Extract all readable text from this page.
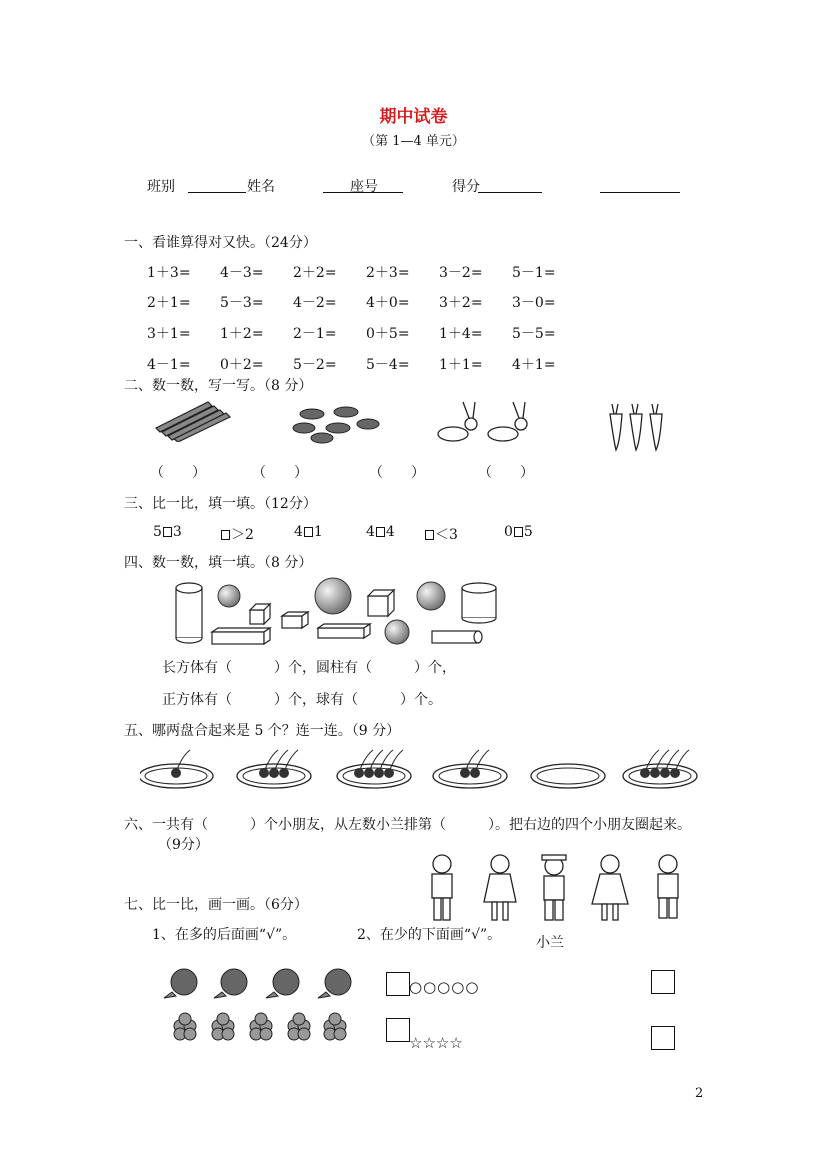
期中试卷
（第 1—4 单元）
班别	姓名	座号	得分
一、看谁算得对又快。（24分）
1＋3=	4－3=	2＋2=	2＋3=	3－2=	5－1=
2＋1=	5－3=	4－2=	4＋0=	3＋2=	3－0=
3＋1=	1＋2=	2－1=	0＋5=	1＋4=	5－5=
4－1=	0＋2=	5－2=	5－4=	1＋1=	4＋1=
二、数一数，写一写。（8 分）
（　　）	（　　）	（　　）	（　　）
三、比一比，填一填。（12分）
5 3	＞2	4 1	4 4	＜3	0 5
四、数一数，填一填。（8 分）
长方体有（　　　）个，圆柱有（　　　）个，
正方体有（　　　）个，球有（　　　）个。
五、哪两盘合起来是 5 个？连一连。（9 分）
六、一共有（　　　）个小朋友，从左数小兰排第（　　　）。把右边的四个小朋友圈起来。
（9分）
小兰
七、比一比，画一画。（6分）
1、在多的后面画“√”。	2、在少的下面画“√”。
○○○○○
☆☆☆☆
2
